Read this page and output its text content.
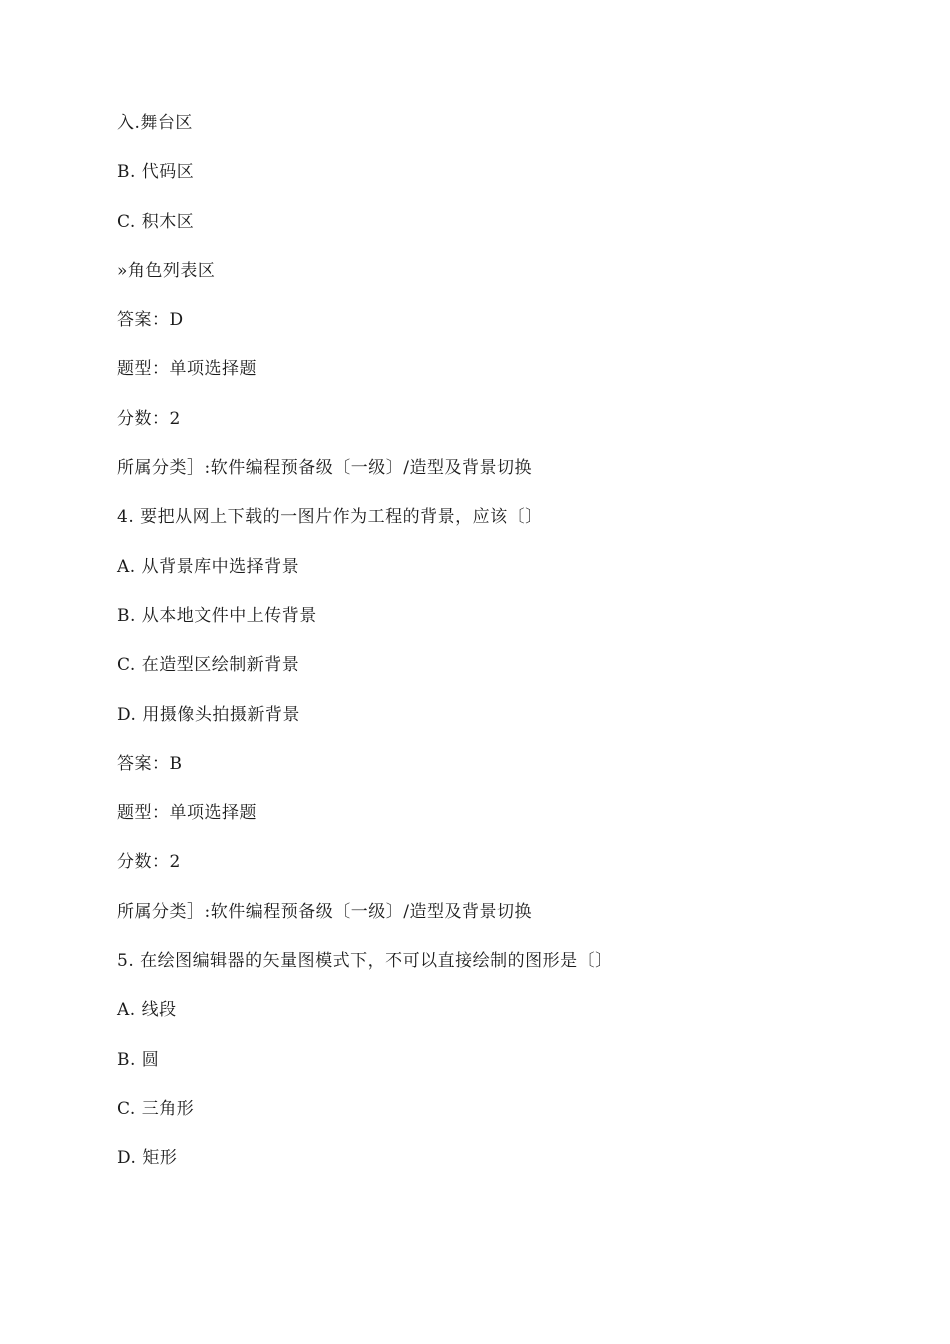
入.舞台区
B. 代码区
C. 积木区
»角色列表区
答案：D
题型：单项选择题
分数：2
所属分类］:软件编程预备级〔一级〕/造型及背景切换
4. 要把从网上下载的一图片作为工程的背景，应该〔〕
A. 从背景库中选择背景
B. 从本地文件中上传背景
C. 在造型区绘制新背景
D. 用摄像头拍摄新背景
答案：B
题型：单项选择题
分数：2
所属分类］:软件编程预备级〔一级〕/造型及背景切换
5. 在绘图编辑器的矢量图模式下，不可以直接绘制的图形是〔〕
A. 线段
B. 圆
C. 三角形
D. 矩形
